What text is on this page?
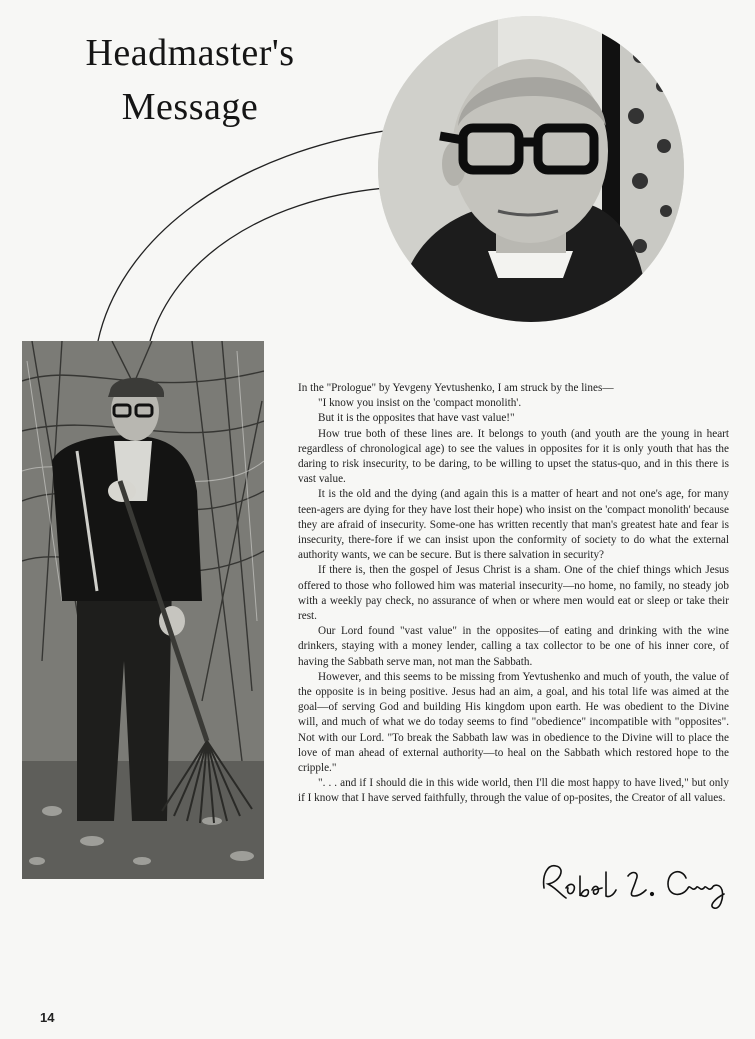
Headmaster's
Message

In the "Prologue" by Yevgeny Yevtushenko, I am struck by the lines—

"I know you insist on the 'compact monolith'.

But it is the opposites that have vast value!"

How true both of these lines are. It belongs to youth (and youth are the young in heart regardless of chronological age) to see the values in opposites for it is only youth that has the daring to risk insecurity, to be daring, to be willing to upset the status-quo, and in this there is vast value.

It is the old and the dying (and again this is a matter of heart and not one's age, for many teen-agers are dying for they have lost their hope) who insist on the 'compact monolith' because they are afraid of insecurity. Some-one has written recently that man's greatest hate and fear is insecurity, there-fore if we can insist upon the conformity of society to do what the external authority wants, we can be secure. But is there salvation in security?

If there is, then the gospel of Jesus Christ is a sham. One of the chief things which Jesus offered to those who followed him was material insecurity—no home, no family, no steady job with a weekly pay check, no assurance of when or where men would eat or sleep or take their rest.

Our Lord found "vast value" in the opposites—of eating and drinking with the wine drinkers, staying with a money lender, calling a tax collector to be one of his inner core, of having the Sabbath serve man, not man the Sabbath.

However, and this seems to be missing from Yevtushenko and much of youth, the value of the opposite is in being positive. Jesus had an aim, a goal, and his total life was aimed at the goal—of serving God and building His kingdom upon earth. He was obedient to the Divine will, and much of what we do today seems to find "obedience" incompatible with "opposites". Not with our Lord. "To break the Sabbath law was in obedience to the Divine will to place the love of man ahead of external authority—to heal on the Sabbath which restored hope to the cripple."

". . . and if I should die in this wide world, then I'll die most happy to have lived," but only if I know that I have served faithfully, through the value of op-posites, the Creator of all values.

14
